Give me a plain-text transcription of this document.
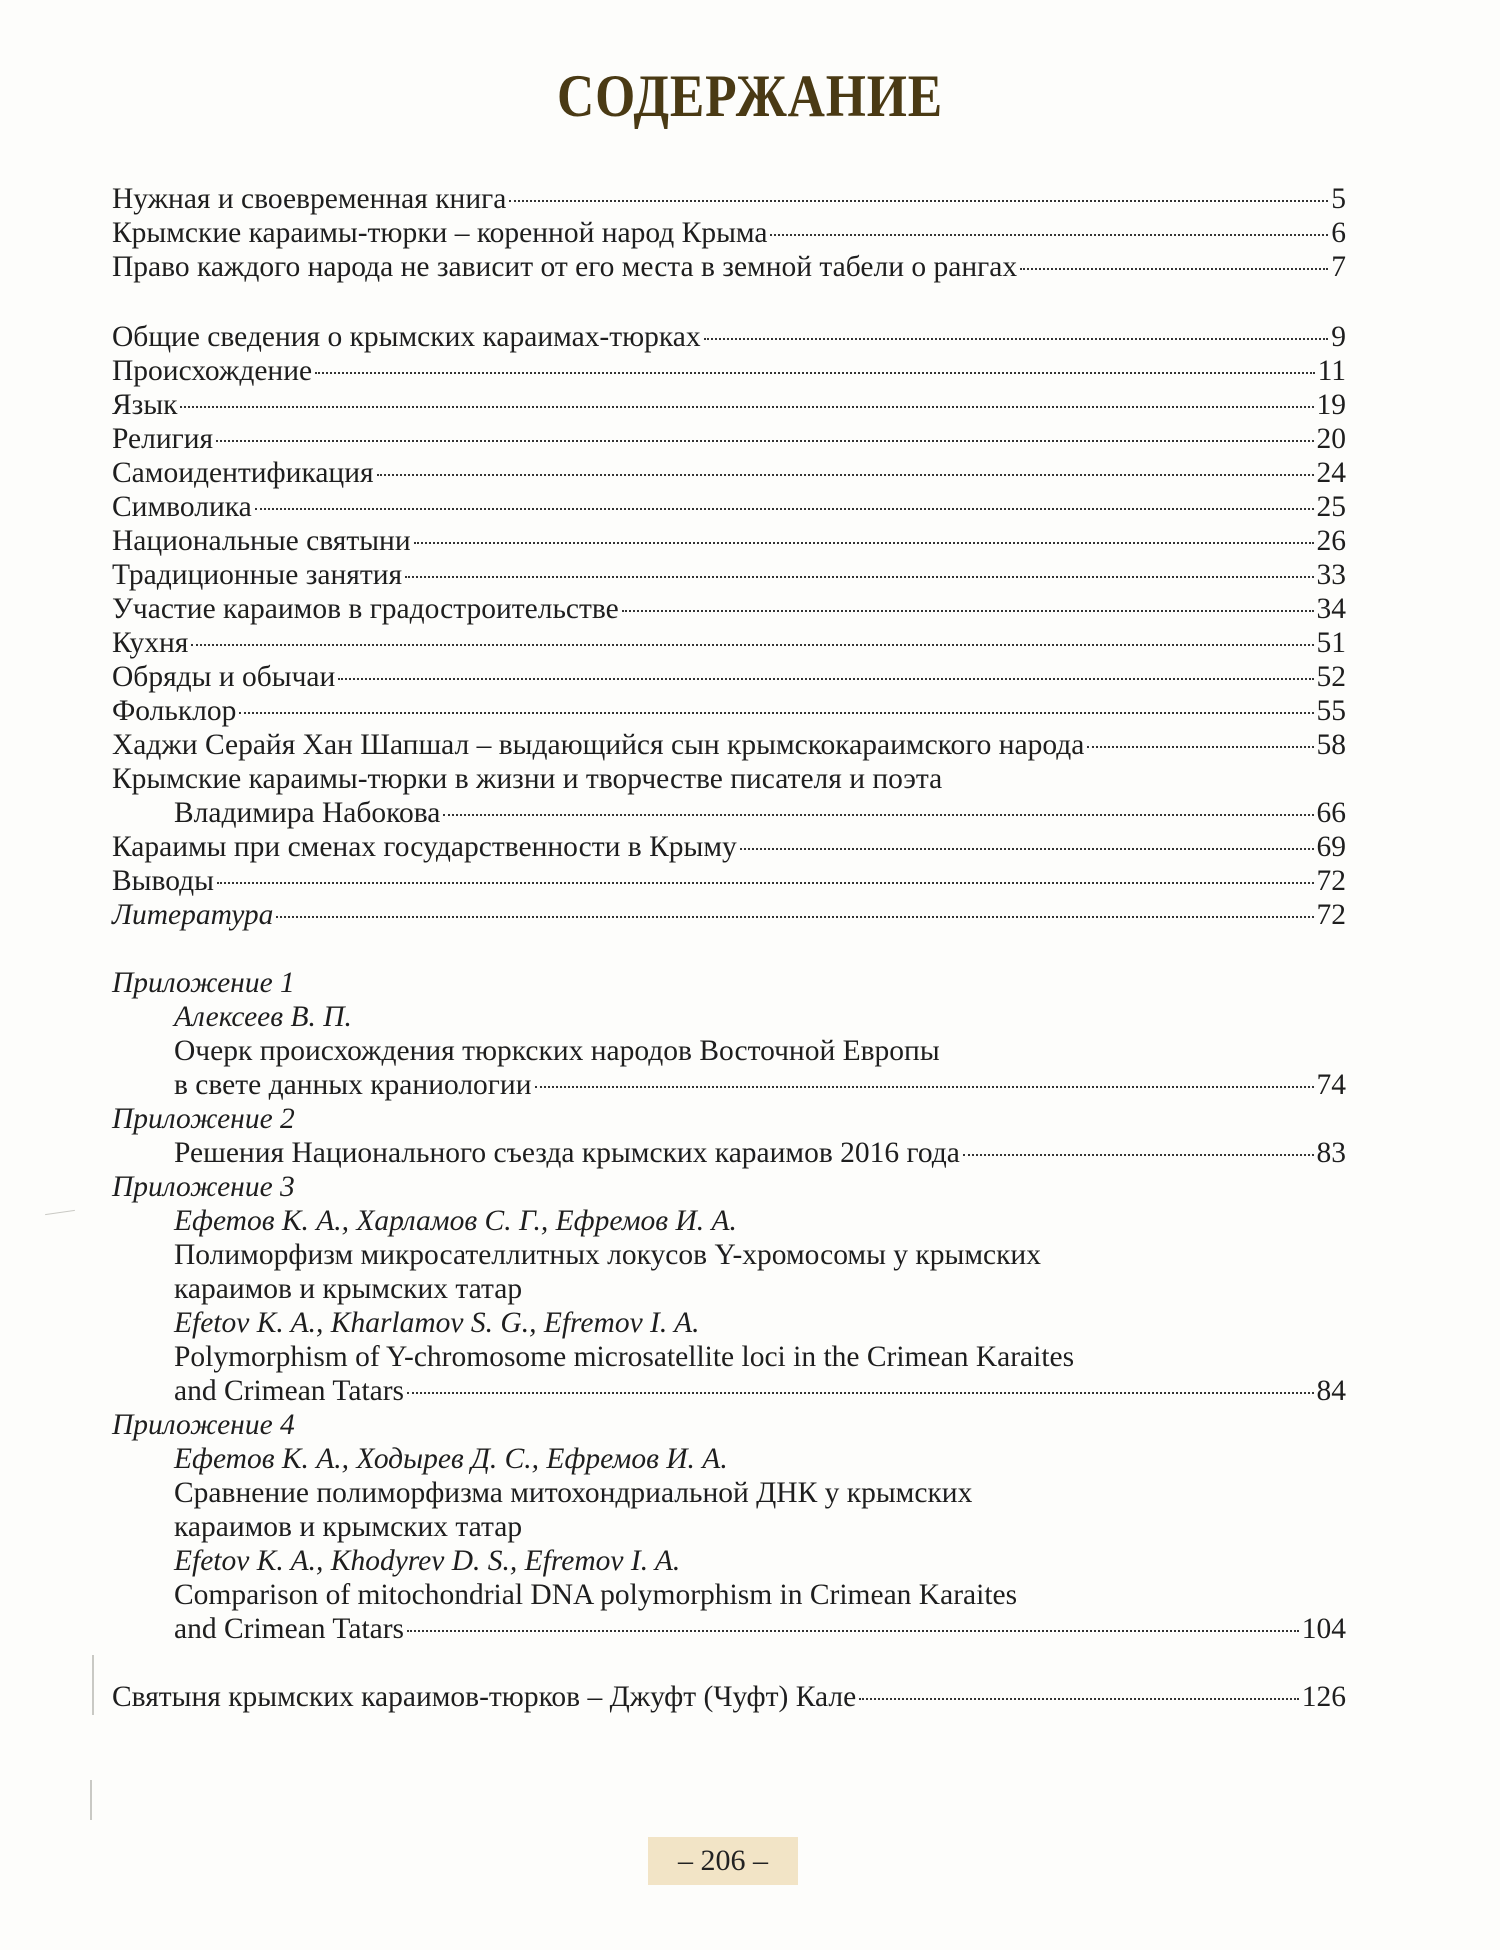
СОДЕРЖАНИЕ
Нужная и своевременная книга	5
Крымские караимы-тюрки – коренной народ Крыма	6
Право каждого народа не зависит от его места в земной табели о рангах	7
Общие сведения о крымских караимах-тюрках	9
Происхождение	11
Язык	19
Религия	20
Самоидентификация	24
Символика	25
Национальные святыни	26
Традиционные занятия	33
Участие караимов в градостроительстве	34
Кухня	51
Обряды и обычаи	52
Фольклор	55
Хаджи Серайя Хан Шапшал – выдающийся сын крымскокараимского народа	58
Крымские караимы-тюрки в жизни и творчестве писателя и поэта
Владимира Набокова	66
Караимы при сменах государственности в Крыму	69
Выводы	72
Литература	72
Приложение 1
Алексеев В. П.
Очерк происхождения тюркских народов Восточной Европы
в свете данных краниологии	74
Приложение 2
Решения Национального съезда крымских караимов 2016 года	83
Приложение 3
Ефетов К. А., Харламов С. Г., Ефремов И. А.
Полиморфизм микросателлитных локусов Y-хромосомы у крымских
караимов и крымских татар
Efetov K. A., Kharlamov S. G., Efremov I. A.
Polymorphism of Y-chromosome microsatellite loci in the Crimean Karaites
and Crimean Tatars	84
Приложение 4
Ефетов К. А., Ходырев Д. С., Ефремов И. А.
Сравнение полиморфизма митохондриальной ДНК у крымских
караимов и крымских татар
Efetov K. A., Khodyrev D. S., Efremov I. A.
Comparison of mitochondrial DNA polymorphism in Crimean Karaites
and Crimean Tatars	104
Святыня крымских караимов-тюрков – Джуфт (Чуфт) Кале	126
– 206 –
